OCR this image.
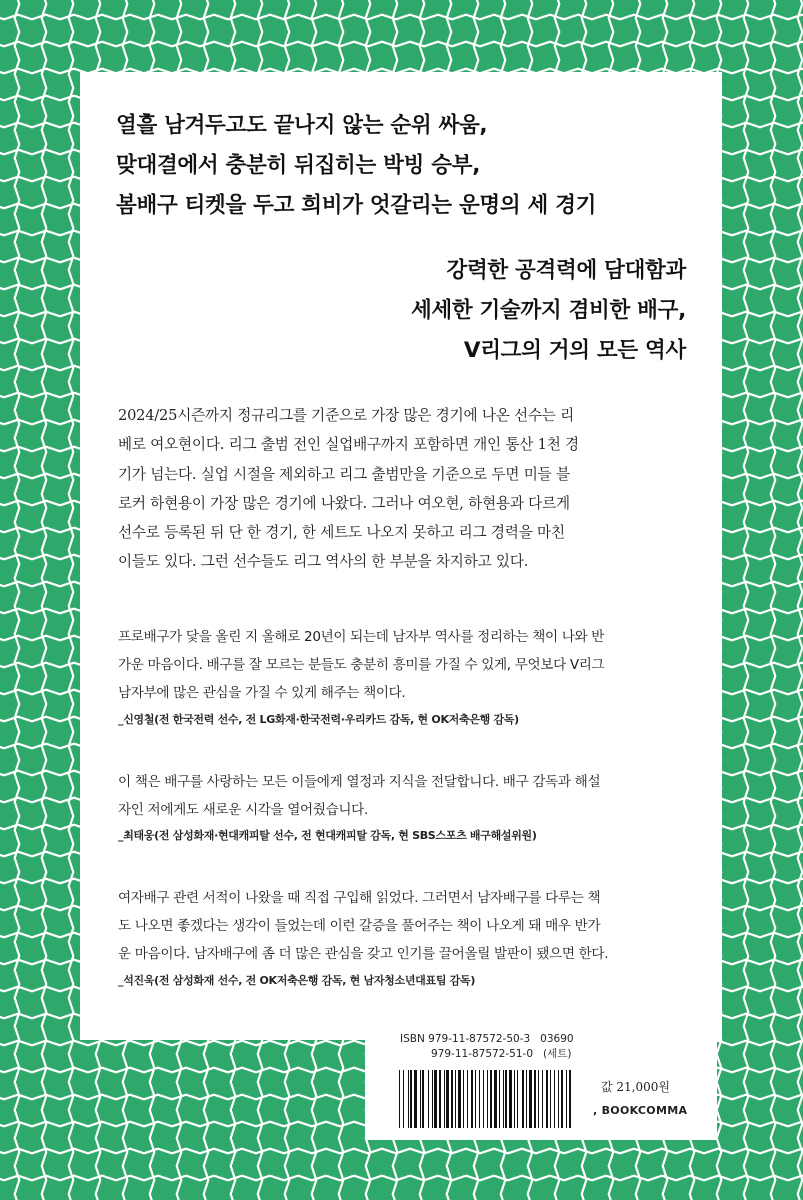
열흘 남겨두고도 끝나지 않는 순위 싸움,
맞대결에서 충분히 뒤집히는 박빙 승부,
봄배구 티켓을 두고 희비가 엇갈리는 운명의 세 경기
강력한 공격력에 담대함과
세세한 기술까지 겸비한 배구,
V리그의 거의 모든 역사
2024/25시즌까지 정규리그를 기준으로 가장 많은 경기에 나온 선수는 리
베로 여오현이다. 리그 출범 전인 실업배구까지 포함하면 개인 통산 1천 경
기가 넘는다. 실업 시절을 제외하고 리그 출범만을 기준으로 두면 미들 블
로커 하현용이 가장 많은 경기에 나왔다. 그러나 여오현, 하현용과 다르게
선수로 등록된 뒤 단 한 경기, 한 세트도 나오지 못하고 리그 경력을 마친
이들도 있다. 그런 선수들도 리그 역사의 한 부분을 차지하고 있다.
프로배구가 닻을 올린 지 올해로 20년이 되는데 남자부 역사를 정리하는 책이 나와 반
가운 마음이다. 배구를 잘 모르는 분들도 충분히 흥미를 가질 수 있게, 무엇보다 V리그
남자부에 많은 관심을 가질 수 있게 해주는 책이다.
_신영철(전 한국전력 선수, 전 LG화재·한국전력·우리카드 감독, 현 OK저축은행 감독)
이 책은 배구를 사랑하는 모든 이들에게 열정과 지식을 전달합니다. 배구 감독과 해설
자인 저에게도 새로운 시각을 열어줬습니다.
_최태웅(전 삼성화재·현대캐피탈 선수, 전 현대캐피탈 감독, 현 SBS스포츠 배구해설위원)
여자배구 관련 서적이 나왔을 때 직접 구입해 읽었다. 그러면서 남자배구를 다루는 책
도 나오면 좋겠다는 생각이 들었는데 이런 갈증을 풀어주는 책이 나오게 돼 매우 반가
운 마음이다. 남자배구에 좀 더 많은 관심을 갖고 인기를 끌어올릴 발판이 됐으면 한다.
_석진욱(전 삼성화재 선수, 전 OK저축은행 감독, 현 남자청소년대표팀 감독)
ISBN 979-11-87572-50-3   03690
979-11-87572-51-0   (세트)
값 21,000원
, BOOKCOMMA
